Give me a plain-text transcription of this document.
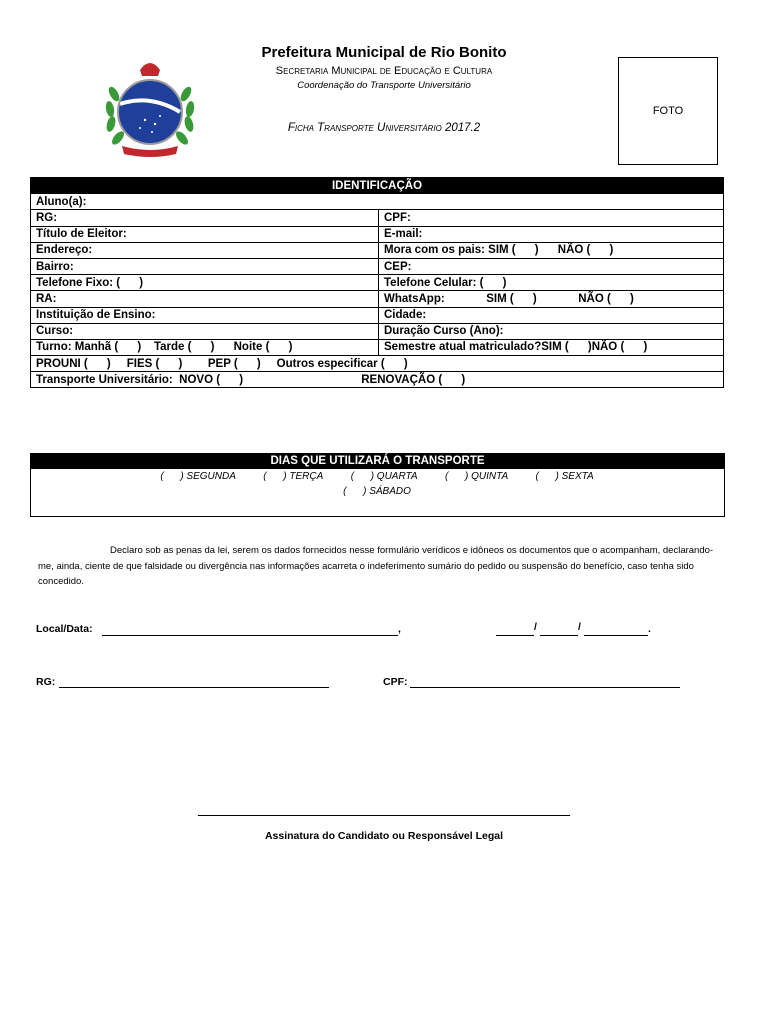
Prefeitura Municipal de Rio Bonito
Secretaria Municipal de Educação e Cultura
Coordenação do Transporte Universitário
Ficha Transporte Universitário 2017.2
FOTO
IDENTIFICAÇÃO	
Aluno(a):	
RG:	CPF:
Título de Eleitor:	E-mail:
Endereço:	Mora com os pais: SIM (      )      NÃO (      )
Bairro:	CEP:
Telefone Fixo: (      )	Telefone Celular: (      )
RA:	WhatsApp:             SIM (      )             NÃO (      )
Instituição de Ensino:	Cidade:
Curso:	Duração Curso (Ano):
Turno: Manhã (      )    Tarde (      )      Noite (      )	Semestre atual matriculado?SIM (      )NÃO (      )
PROUNI (      )     FIES (      )        PEP (      )     Outros especificar (      )	
Transporte Universitário:  NOVO (      )                                     RENOVAÇÃO (      )	
DIAS QUE UTILIZARÁ O TRANSPORTE
(      ) SEGUNDA          (      ) TERÇA          (      ) QUARTA          (      ) QUINTA          (      ) SEXTA
(      ) SÁBADO
Declaro sob as penas da lei, serem os dados fornecidos nesse formulário verídicos e idôneos os documentos que o acompanham, declarando-me, ainda, ciente de que falsidade ou divergência nas informações acarreta o indeferimento sumário do pedido ou suspensão do benefício, caso tenha sido concedido.
Local/Data:	,	/	/	.
RG:	CPF:
Assinatura do Candidato ou Responsável Legal
